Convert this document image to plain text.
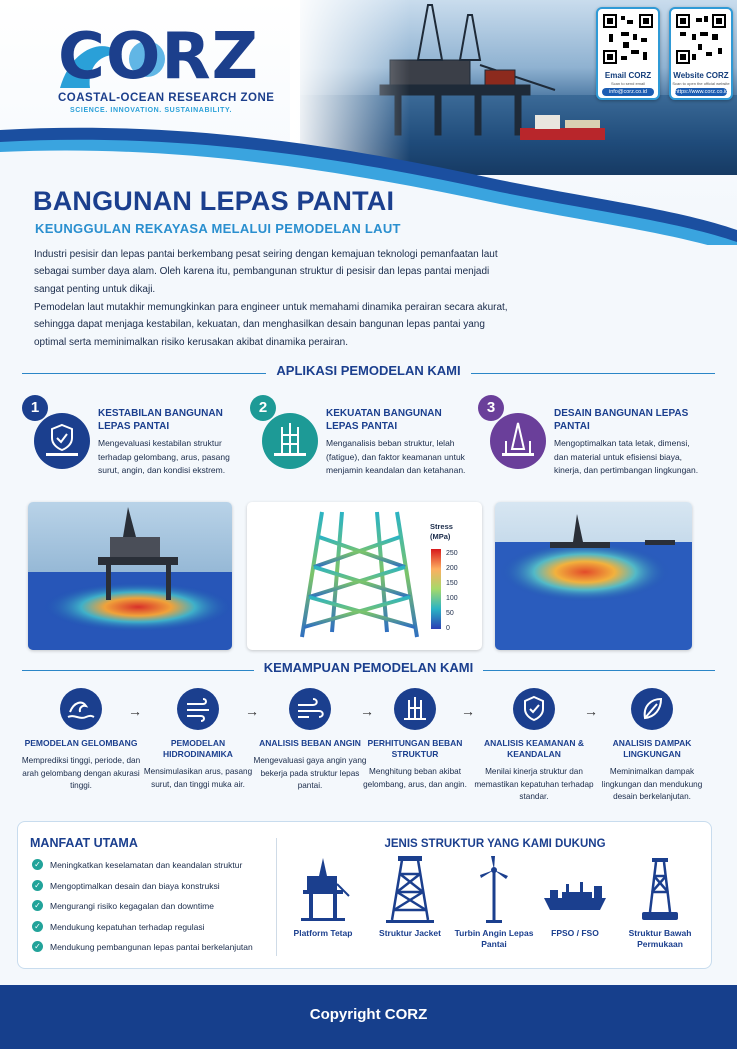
CORZ
COASTAL-OCEAN RESEARCH ZONE
SCIENCE. INNOVATION. SUSTAINABILITY.
Email CORZ
Scan to send email
info@corz.co.id
Website CORZ
Scan to open the official website
https://www.corz.co.id
BANGUNAN LEPAS PANTAI
KEUNGGULAN REKAYASA MELALUI PEMODELAN LAUT
Industri pesisir dan lepas pantai berkembang pesat seiring dengan kemajuan teknologi pemanfaatan laut sebagai sumber daya alam. Oleh karena itu, pembangunan struktur di pesisir dan lepas pantai menjadi sangat penting untuk dikaji.
Pemodelan laut mutakhir memungkinkan para engineer untuk memahami dinamika perairan secara akurat, sehingga dapat menjaga kestabilan, kekuatan, dan menghasilkan desain bangunan lepas pantai yang optimal serta meminimalkan risiko kerusakan akibat dinamika perairan.
APLIKASI PEMODELAN KAMI
1	KESTABILAN BANGUNAN LEPAS PANTAI
Mengevaluasi kestabilan struktur terhadap gelombang, arus, pasang surut, angin, dan kondisi ekstrem.
2	KEKUATAN BANGUNAN LEPAS PANTAI
Menganalisis beban struktur, lelah (fatigue), dan faktor keamanan untuk menjamin keandalan dan ketahanan.
3	DESAIN BANGUNAN LEPAS PANTAI
Mengoptimalkan tata letak, dimensi, dan material untuk efisiensi biaya, kinerja, dan pertimbangan lingkungan.
Stress
(MPa)
250
200
150
100
50
0
KEMAMPUAN PEMODELAN KAMI
PEMODELAN GELOMBANG
Memprediksi tinggi, periode, dan arah gelombang dengan akurasi tinggi.
→
PEMODELAN HIDRODINAMIKA
Mensimulasikan arus, pasang surut, dan tinggi muka air.
→
ANALISIS BEBAN ANGIN
Mengevaluasi gaya angin yang bekerja pada struktur lepas pantai.
→
PERHITUNGAN BEBAN STRUKTUR
Menghitung beban akibat gelombang, arus, dan angin.
→
ANALISIS KEAMANAN & KEANDALAN
Menilai kinerja struktur dan memastikan kepatuhan terhadap standar.
→
ANALISIS DAMPAK LINGKUNGAN
Meminimalkan dampak lingkungan dan mendukung desain berkelanjutan.
MANFAAT UTAMA
✓ Meningkatkan keselamatan dan keandalan struktur
✓ Mengoptimalkan desain dan biaya konstruksi
✓ Mengurangi risiko kegagalan dan downtime
✓ Mendukung kepatuhan terhadap regulasi
✓ Mendukung pembangunan lepas pantai berkelanjutan
JENIS STRUKTUR YANG KAMI DUKUNG
Platform Tetap	Struktur Jacket	Turbin Angin Lepas Pantai
FPSO / FSO	Struktur Bawah Permukaan
Copyright CORZ
